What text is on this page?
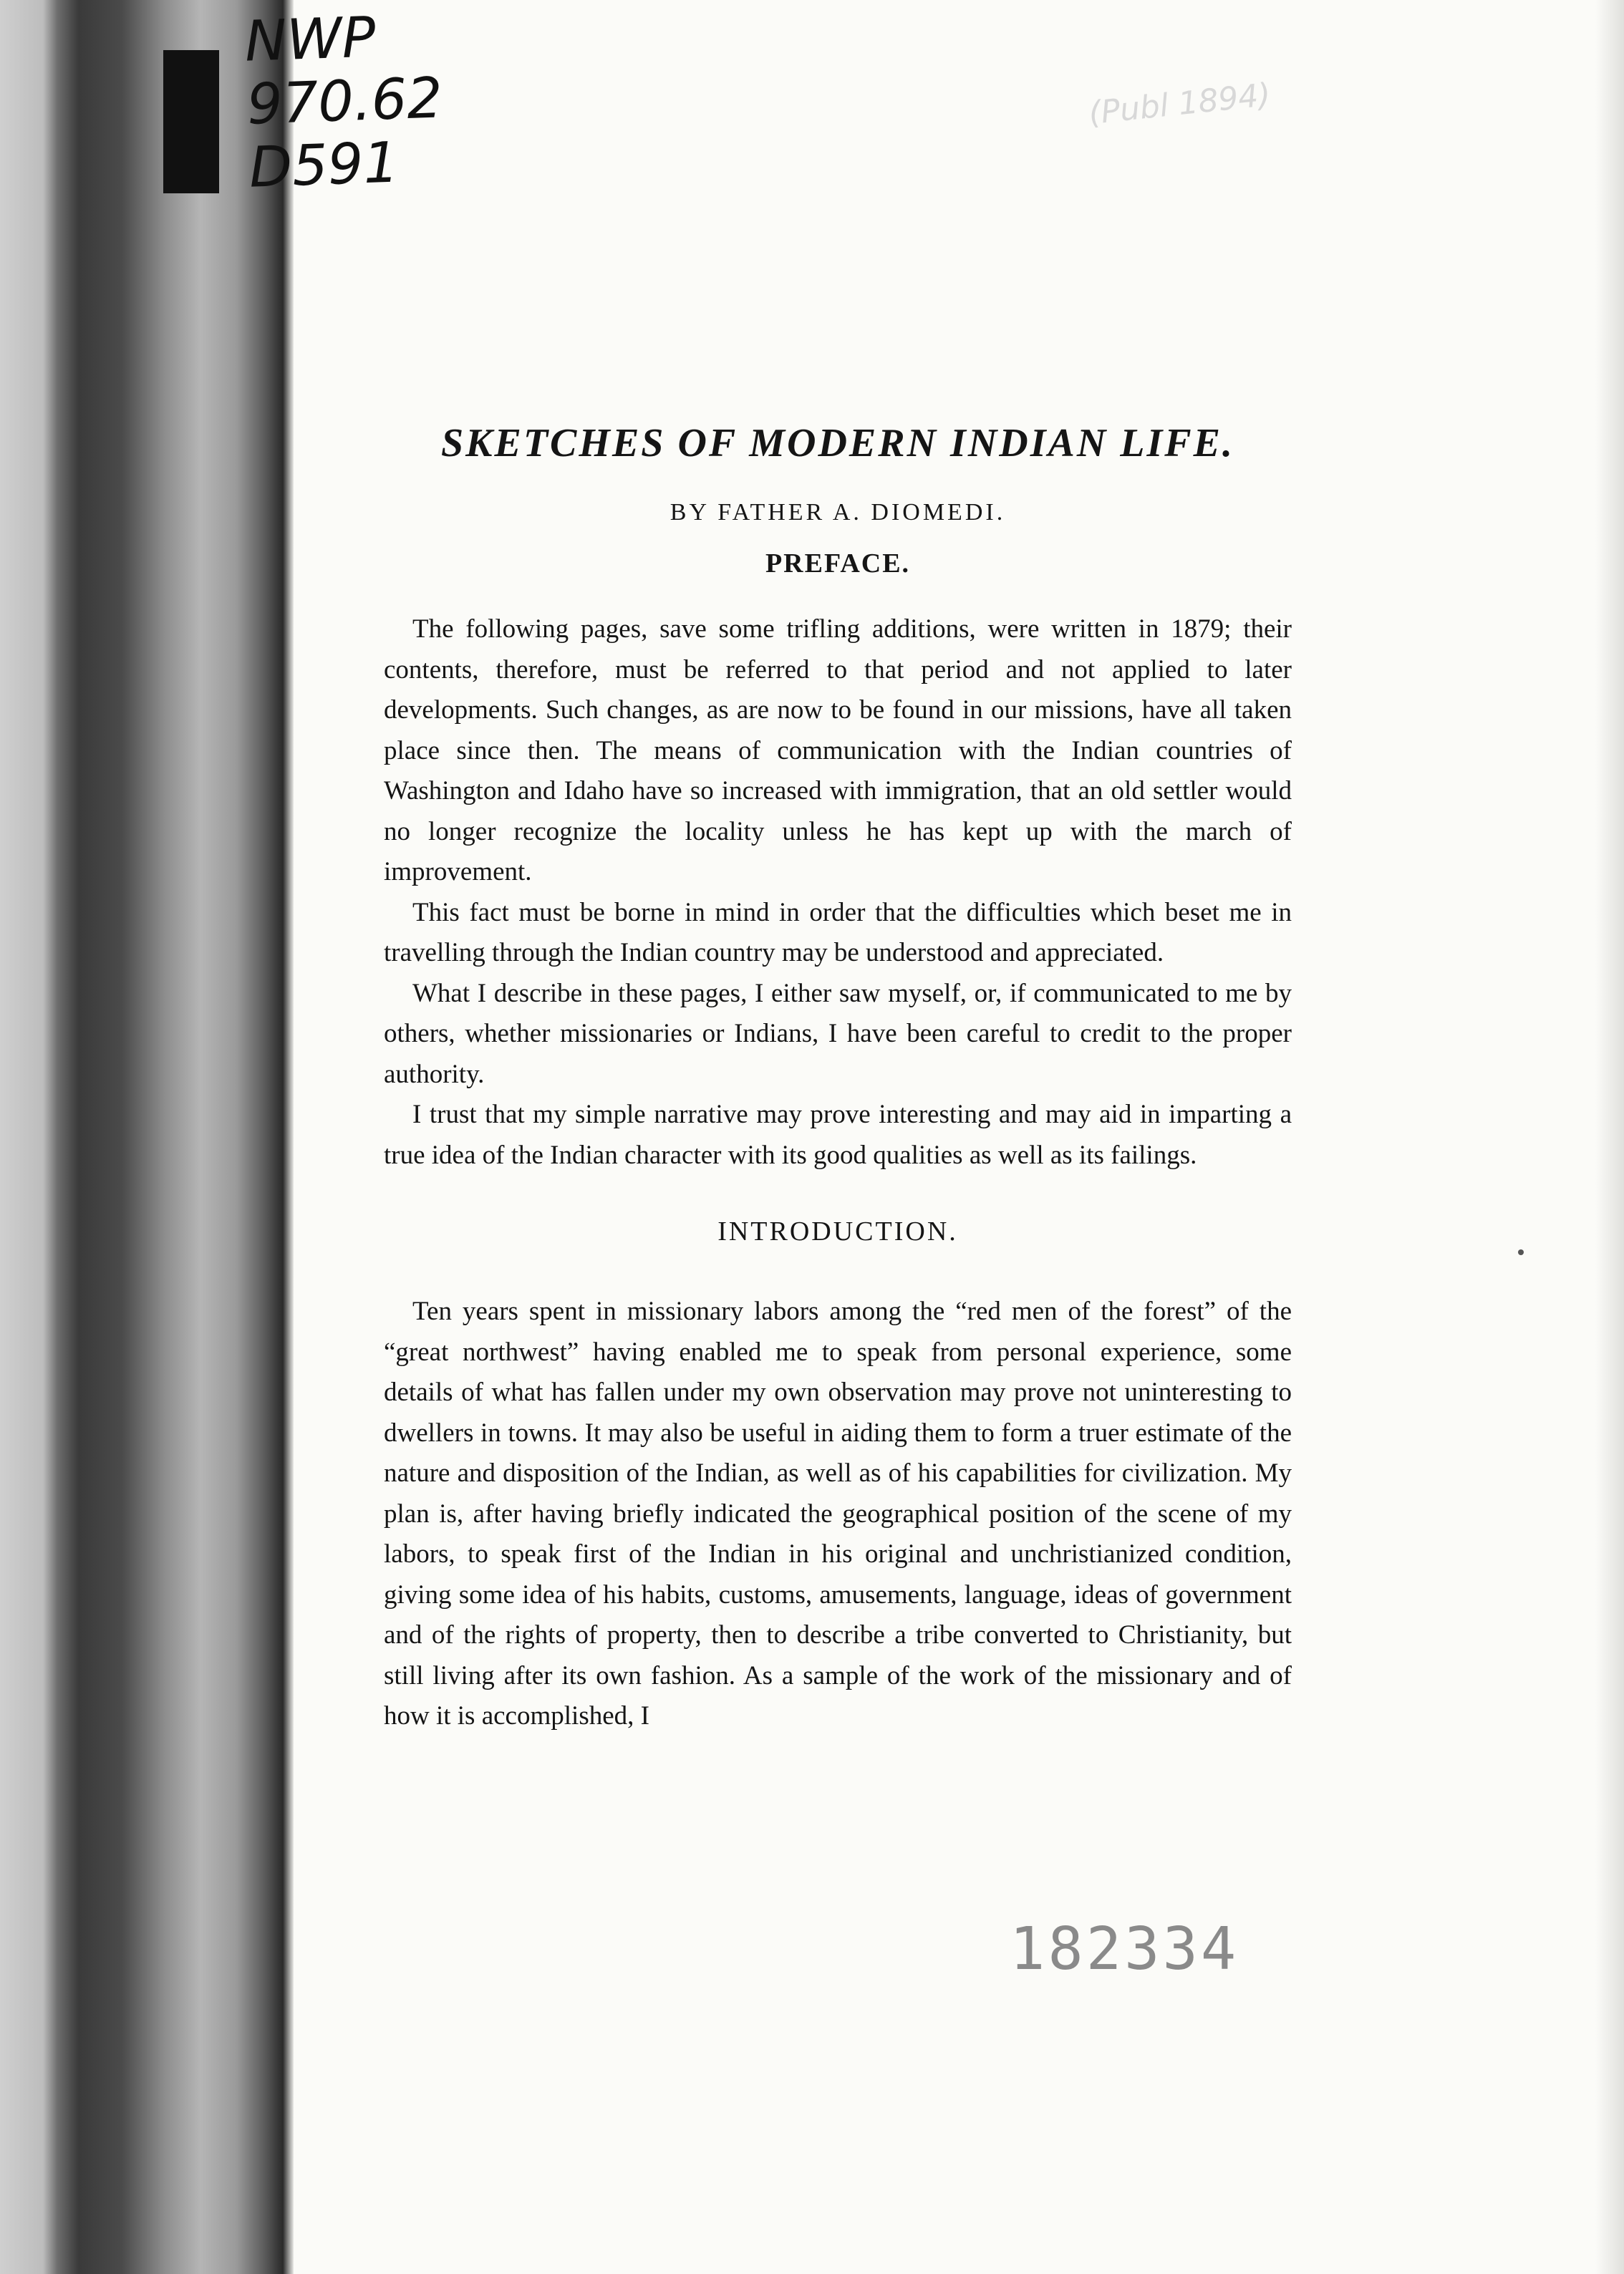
NWP
970.62
D591
(Publ 1894)
SKETCHES OF MODERN INDIAN LIFE.
BY FATHER A. DIOMEDI.
PREFACE.

The following pages, save some trifling additions, were written in 1879; their contents, therefore, must be referred to that period and not applied to later developments. Such changes, as are now to be found in our missions, have all taken place since then. The means of communication with the Indian countries of Washington and Idaho have so increased with immigration, that an old settler would no longer recognize the locality unless he has kept up with the march of improvement.

This fact must be borne in mind in order that the difficulties which beset me in travelling through the Indian country may be understood and appreciated.

What I describe in these pages, I either saw myself, or, if communicated to me by others, whether missionaries or Indians, I have been careful to credit to the proper authority.

I trust that my simple narrative may prove interesting and may aid in imparting a true idea of the Indian character with its good qualities as well as its failings.

INTRODUCTION.

Ten years spent in missionary labors among the “red men of the forest” of the “great northwest” having enabled me to speak from personal experience, some details of what has fallen under my own observation may prove not uninteresting to dwellers in towns. It may also be useful in aiding them to form a truer estimate of the nature and disposition of the Indian, as well as of his capabilities for civilization. My plan is, after having briefly indicated the geographical position of the scene of my labors, to speak first of the Indian in his original and unchristianized condition, giving some idea of his habits, customs, amusements, language, ideas of government and of the rights of property, then to describe a tribe converted to Christianity, but still living after its own fashion. As a sample of the work of the missionary and of how it is accomplished, I

182334
